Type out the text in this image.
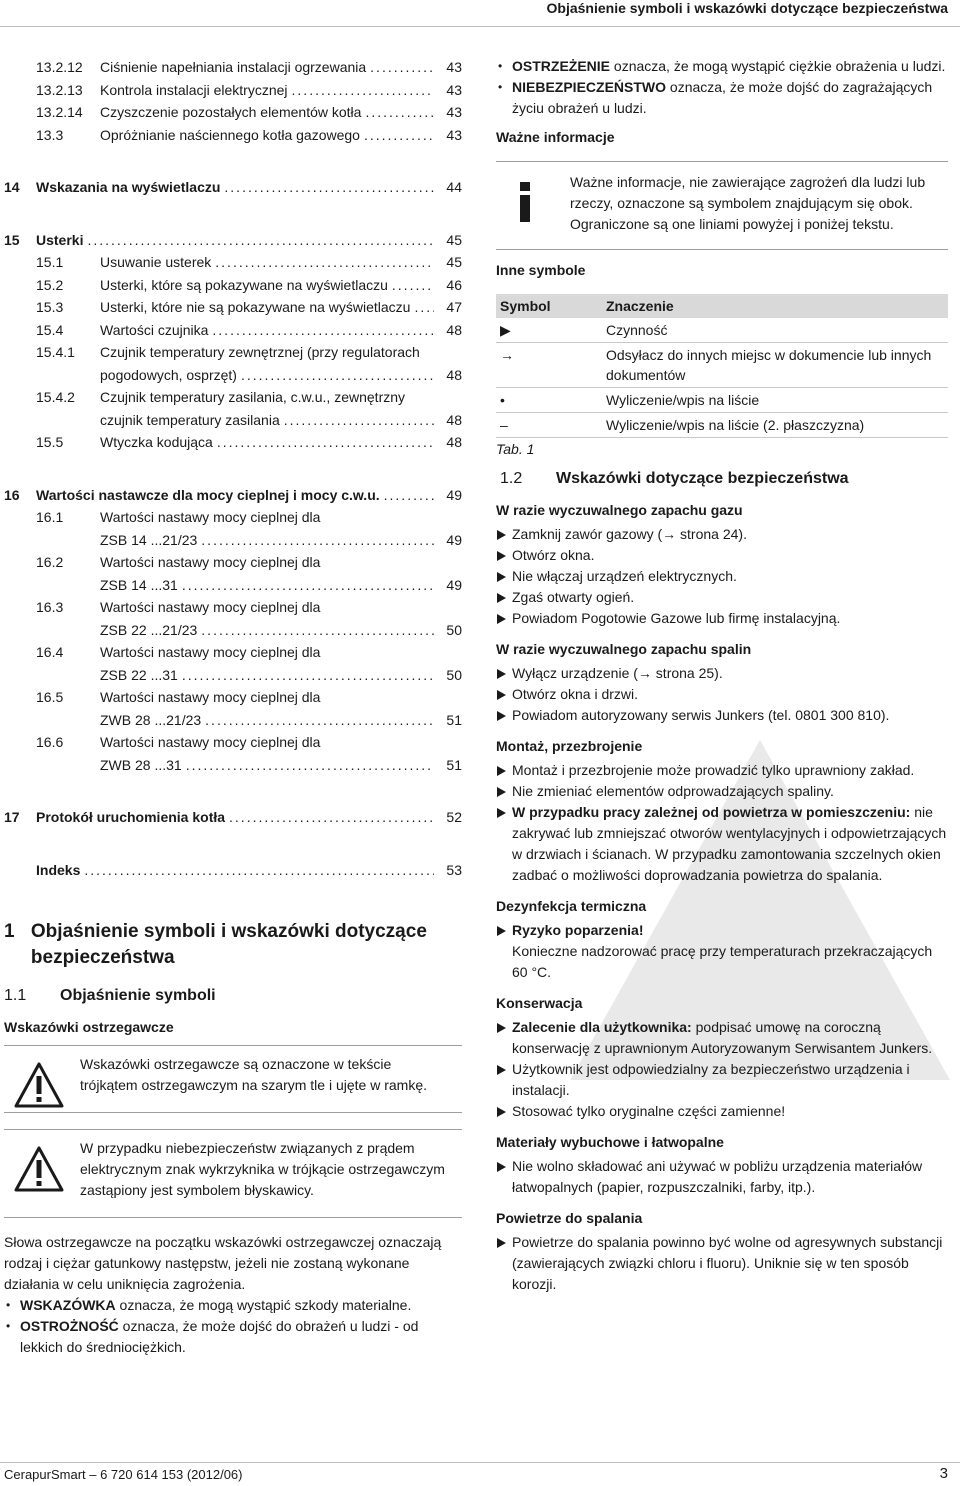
Objaśnienie symboli i wskazówki dotyczące bezpieczeństwa
13.2.12	Ciśnienie napełniania instalacji ogrzewania .....	43
13.2.13	Kontrola instalacji elektrycznej .....	43
13.2.14	Czyszczenie pozostałych elementów kotła .....	43
13.3	Opróżnianie naściennego kotła gazowego .....	43
14	Wskazania na wyświetlaczu .....	44
15	Usterki .....	45
15.1	Usuwanie usterek .....	45
15.2	Usterki, które są pokazywane na wyświetlaczu .....	46
15.3	Usterki, które nie są pokazywane na wyświetlaczu .....	47
15.4	Wartości czujnika .....	48
15.4.1	Czujnik temperatury zewnętrznej (przy regulatorach
pogodowych, osprzęt) .....	48
15.4.2	Czujnik temperatury zasilania, c.w.u., zewnętrzny
czujnik temperatury zasilania .....	48
15.5	Wtyczka kodująca .....	48
16	Wartości nastawcze dla mocy cieplnej i mocy c.w.u. .....	49
16.1	Wartości nastawy mocy cieplnej dla
ZSB 14 ...21/23 .....	49
16.2	Wartości nastawy mocy cieplnej dla
ZSB 14 ...31 .....	49
16.3	Wartości nastawy mocy cieplnej dla
ZSB 22 ...21/23 .....	50
16.4	Wartości nastawy mocy cieplnej dla
ZSB 22 ...31 .....	50
16.5	Wartości nastawy mocy cieplnej dla
ZWB 28 ...21/23 .....	51
16.6	Wartości nastawy mocy cieplnej dla
ZWB 28 ...31 .....	51
17	Protokół uruchomienia kotła .....	52
Indeks .....	53
1 Objaśnienie symboli i wskazówki dotyczące bezpieczeństwa
1.1	Objaśnienie symboli
Wskazówki ostrzegawcze
Wskazówki ostrzegawcze są oznaczone w tekście trójkątem ostrzegawczym na szarym tle i ujęte w ramkę.
W przypadku niebezpieczeństw związanych z prądem elektrycznym znak wykrzyknika w trójkącie ostrzegawczym zastąpiony jest symbolem błyskawicy.
Słowa ostrzegawcze na początku wskazówki ostrzegawczej oznaczają rodzaj i ciężar gatunkowy następstw, jeżeli nie zostaną wykonane działania w celu uniknięcia zagrożenia.
• WSKAZÓWKA oznacza, że mogą wystąpić szkody materialne.
• OSTROŻNOŚĆ oznacza, że może dojść do obrażeń u ludzi - od lekkich do średniociężkich.
• OSTRZEŻENIE oznacza, że mogą wystąpić ciężkie obrażenia u ludzi.
• NIEBEZPIECZEŃSTWO oznacza, że może dojść do zagrażających życiu obrażeń u ludzi.
Ważne informacje
Ważne informacje, nie zawierające zagrożeń dla ludzi lub rzeczy, oznaczone są symbolem znajdującym się obok. Ograniczone są one liniami powyżej i poniżej tekstu.
Inne symbole
Symbol	Znaczenie
▶	Czynność
→	Odsyłacz do innych miejsc w dokumencie lub innych dokumentów
•	Wyliczenie/wpis na liście
–	Wyliczenie/wpis na liście (2. płaszczyzna)
Tab. 1
1.2	Wskazówki dotyczące bezpieczeństwa
W razie wyczuwalnego zapachu gazu
Zamknij zawór gazowy (→ strona 24).
Otwórz okna.
Nie włączaj urządzeń elektrycznych.
Zgaś otwarty ogień.
Powiadom Pogotowie Gazowe lub firmę instalacyjną.
W razie wyczuwalnego zapachu spalin
Wyłącz urządzenie (→ strona 25).
Otwórz okna i drzwi.
Powiadom autoryzowany serwis Junkers (tel. 0801 300 810).
Montaż, przezbrojenie
Montaż i przezbrojenie może prowadzić tylko uprawniony zakład.
Nie zmieniać elementów odprowadzających spaliny.
W przypadku pracy zależnej od powietrza w pomieszczeniu: nie zakrywać lub zmniejszać otworów wentylacyjnych i odpowietrzających w drzwiach i ścianach. W przypadku zamontowania szczelnych okien zadbać o możliwości doprowadzania powietrza do spalania.
Dezynfekcja termiczna
Ryzyko poparzenia!
Konieczne nadzorować pracę przy temperaturach przekraczających 60 °C.
Konserwacja
Zalecenie dla użytkownika: podpisać umowę na coroczną konserwację z uprawnionym Autoryzowanym Serwisantem Junkers.
Użytkownik jest odpowiedzialny za bezpieczeństwo urządzenia i instalacji.
Stosować tylko oryginalne części zamienne!
Materiały wybuchowe i łatwopalne
Nie wolno składować ani używać w pobliżu urządzenia materiałów łatwopalnych (papier, rozpuszczalniki, farby, itp.).
Powietrze do spalania
Powietrze do spalania powinno być wolne od agresywnych substancji (zawierających związki chloru i fluoru). Uniknie się w ten sposób korozji.
CerapurSmart – 6 720 614 153 (2012/06)	3
